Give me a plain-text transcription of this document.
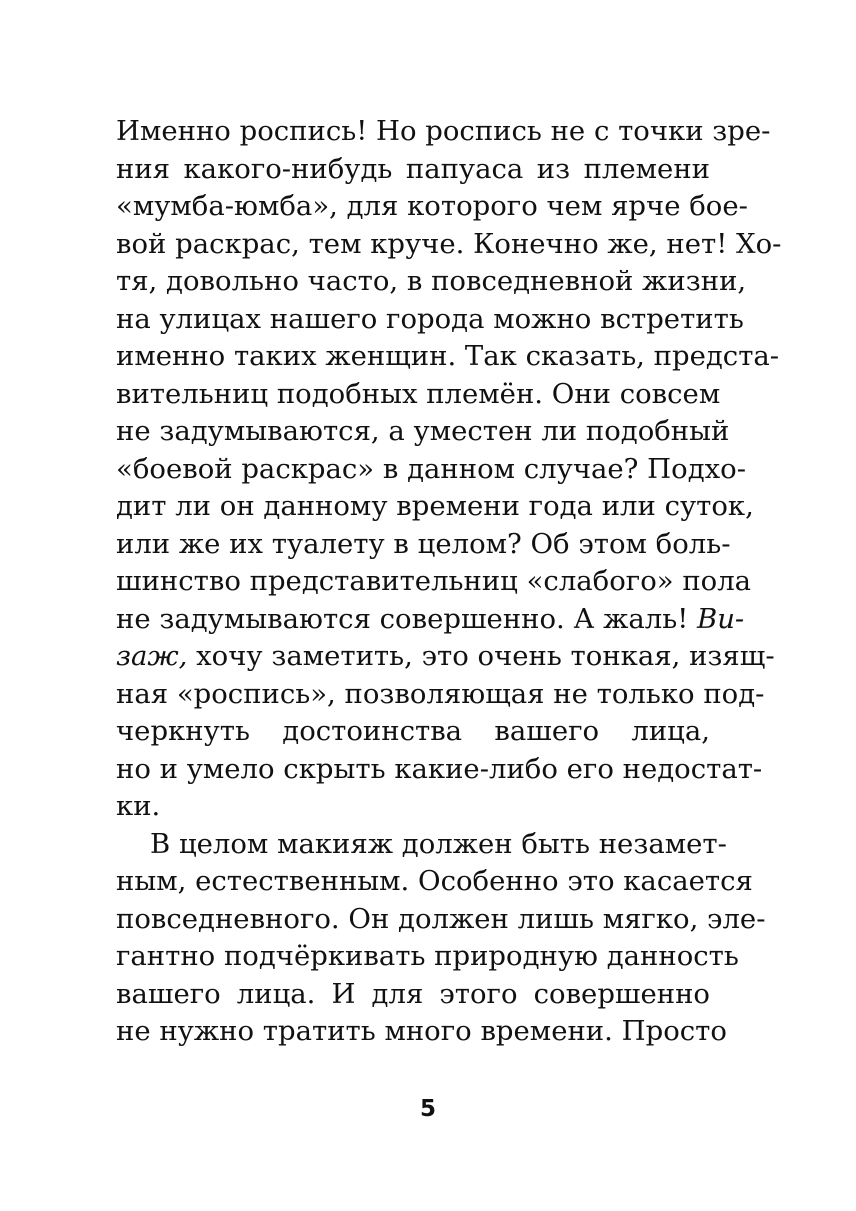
Именно роспись! Но роспись не с точки зре-
ния какого-нибудь папуаса из племени
«мумба-юмба», для которого чем ярче бое-
вой раскрас, тем круче. Конечно же, нет! Хо-
тя, довольно часто, в повседневной жизни,
на улицах нашего города можно встретить
именно таких женщин. Так сказать, предста-
вительниц подобных племён. Они совсем
не задумываются, а уместен ли подобный
«боевой раскрас» в данном случае? Подхо-
дит ли он данному времени года или суток,
или же их туалету в целом? Об этом боль-
шинство представительниц «слабого» пола
не задумываются совершенно. А жаль! Ви-
заж, хочу заметить, это очень тонкая, изящ-
ная «роспись», позволяющая не только под-
черкнуть достоинства вашего лица,
но и умело скрыть какие-либо его недостат-
ки.
В целом макияж должен быть незамет-
ным, естественным. Особенно это касается
повседневного. Он должен лишь мягко, эле-
гантно подчёркивать природную данность
вашего лица. И для этого совершенно
не нужно тратить много времени. Просто
5
